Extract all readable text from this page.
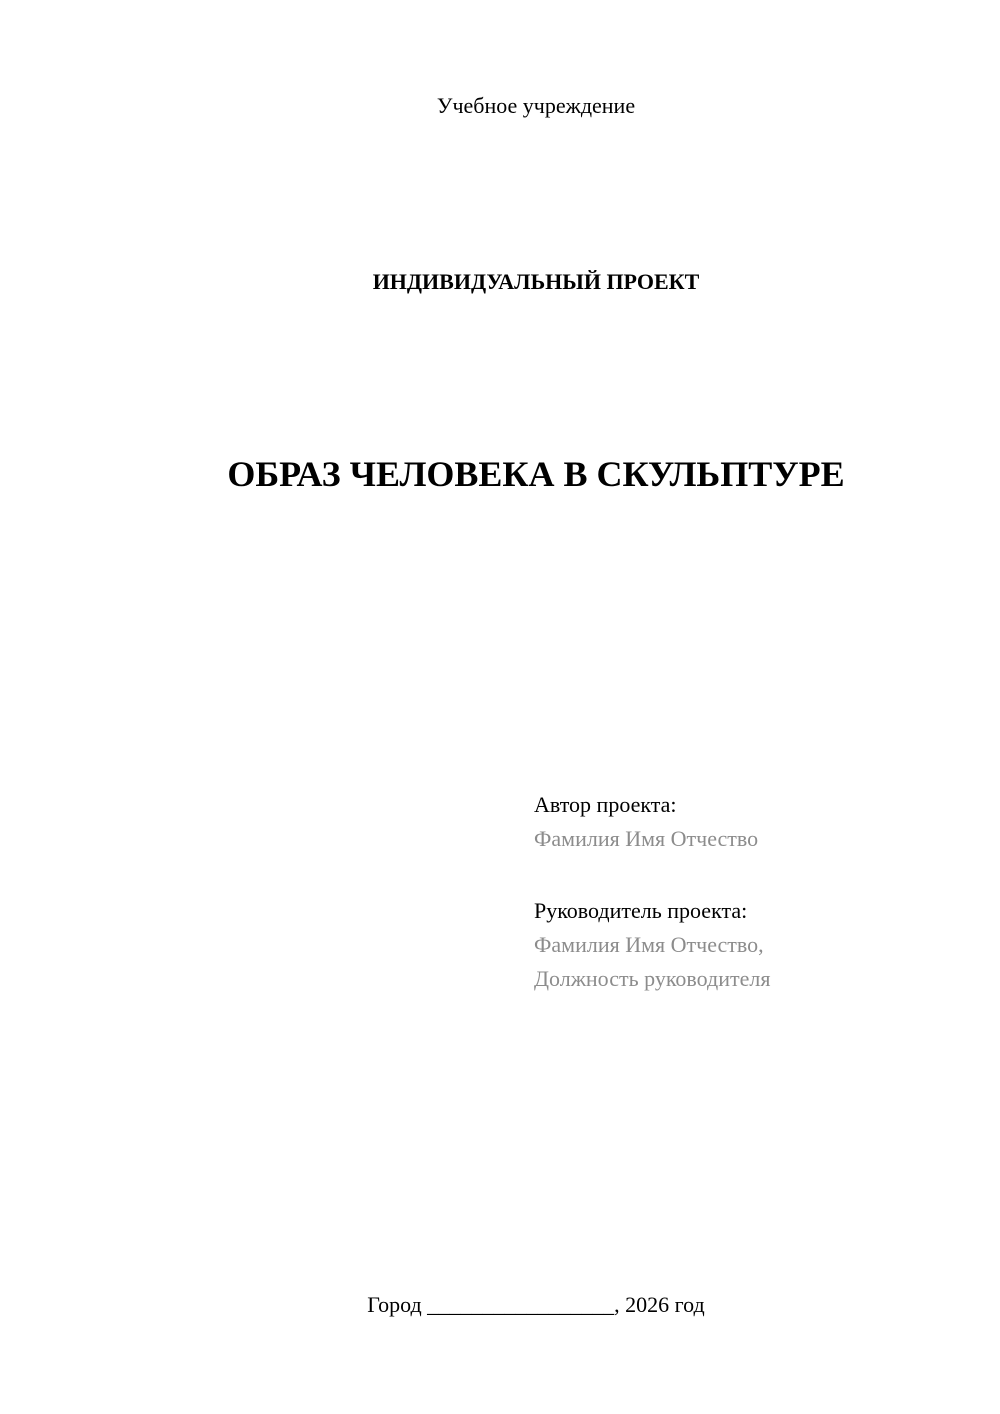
Учебное учреждение
ИНДИВИДУАЛЬНЫЙ ПРОЕКТ
ОБРАЗ ЧЕЛОВЕКА В СКУЛЬПТУРЕ
Автор проекта:
Фамилия Имя Отчество
Руководитель проекта:
Фамилия Имя Отчество,
Должность руководителя
Город _________________, 2026 год
